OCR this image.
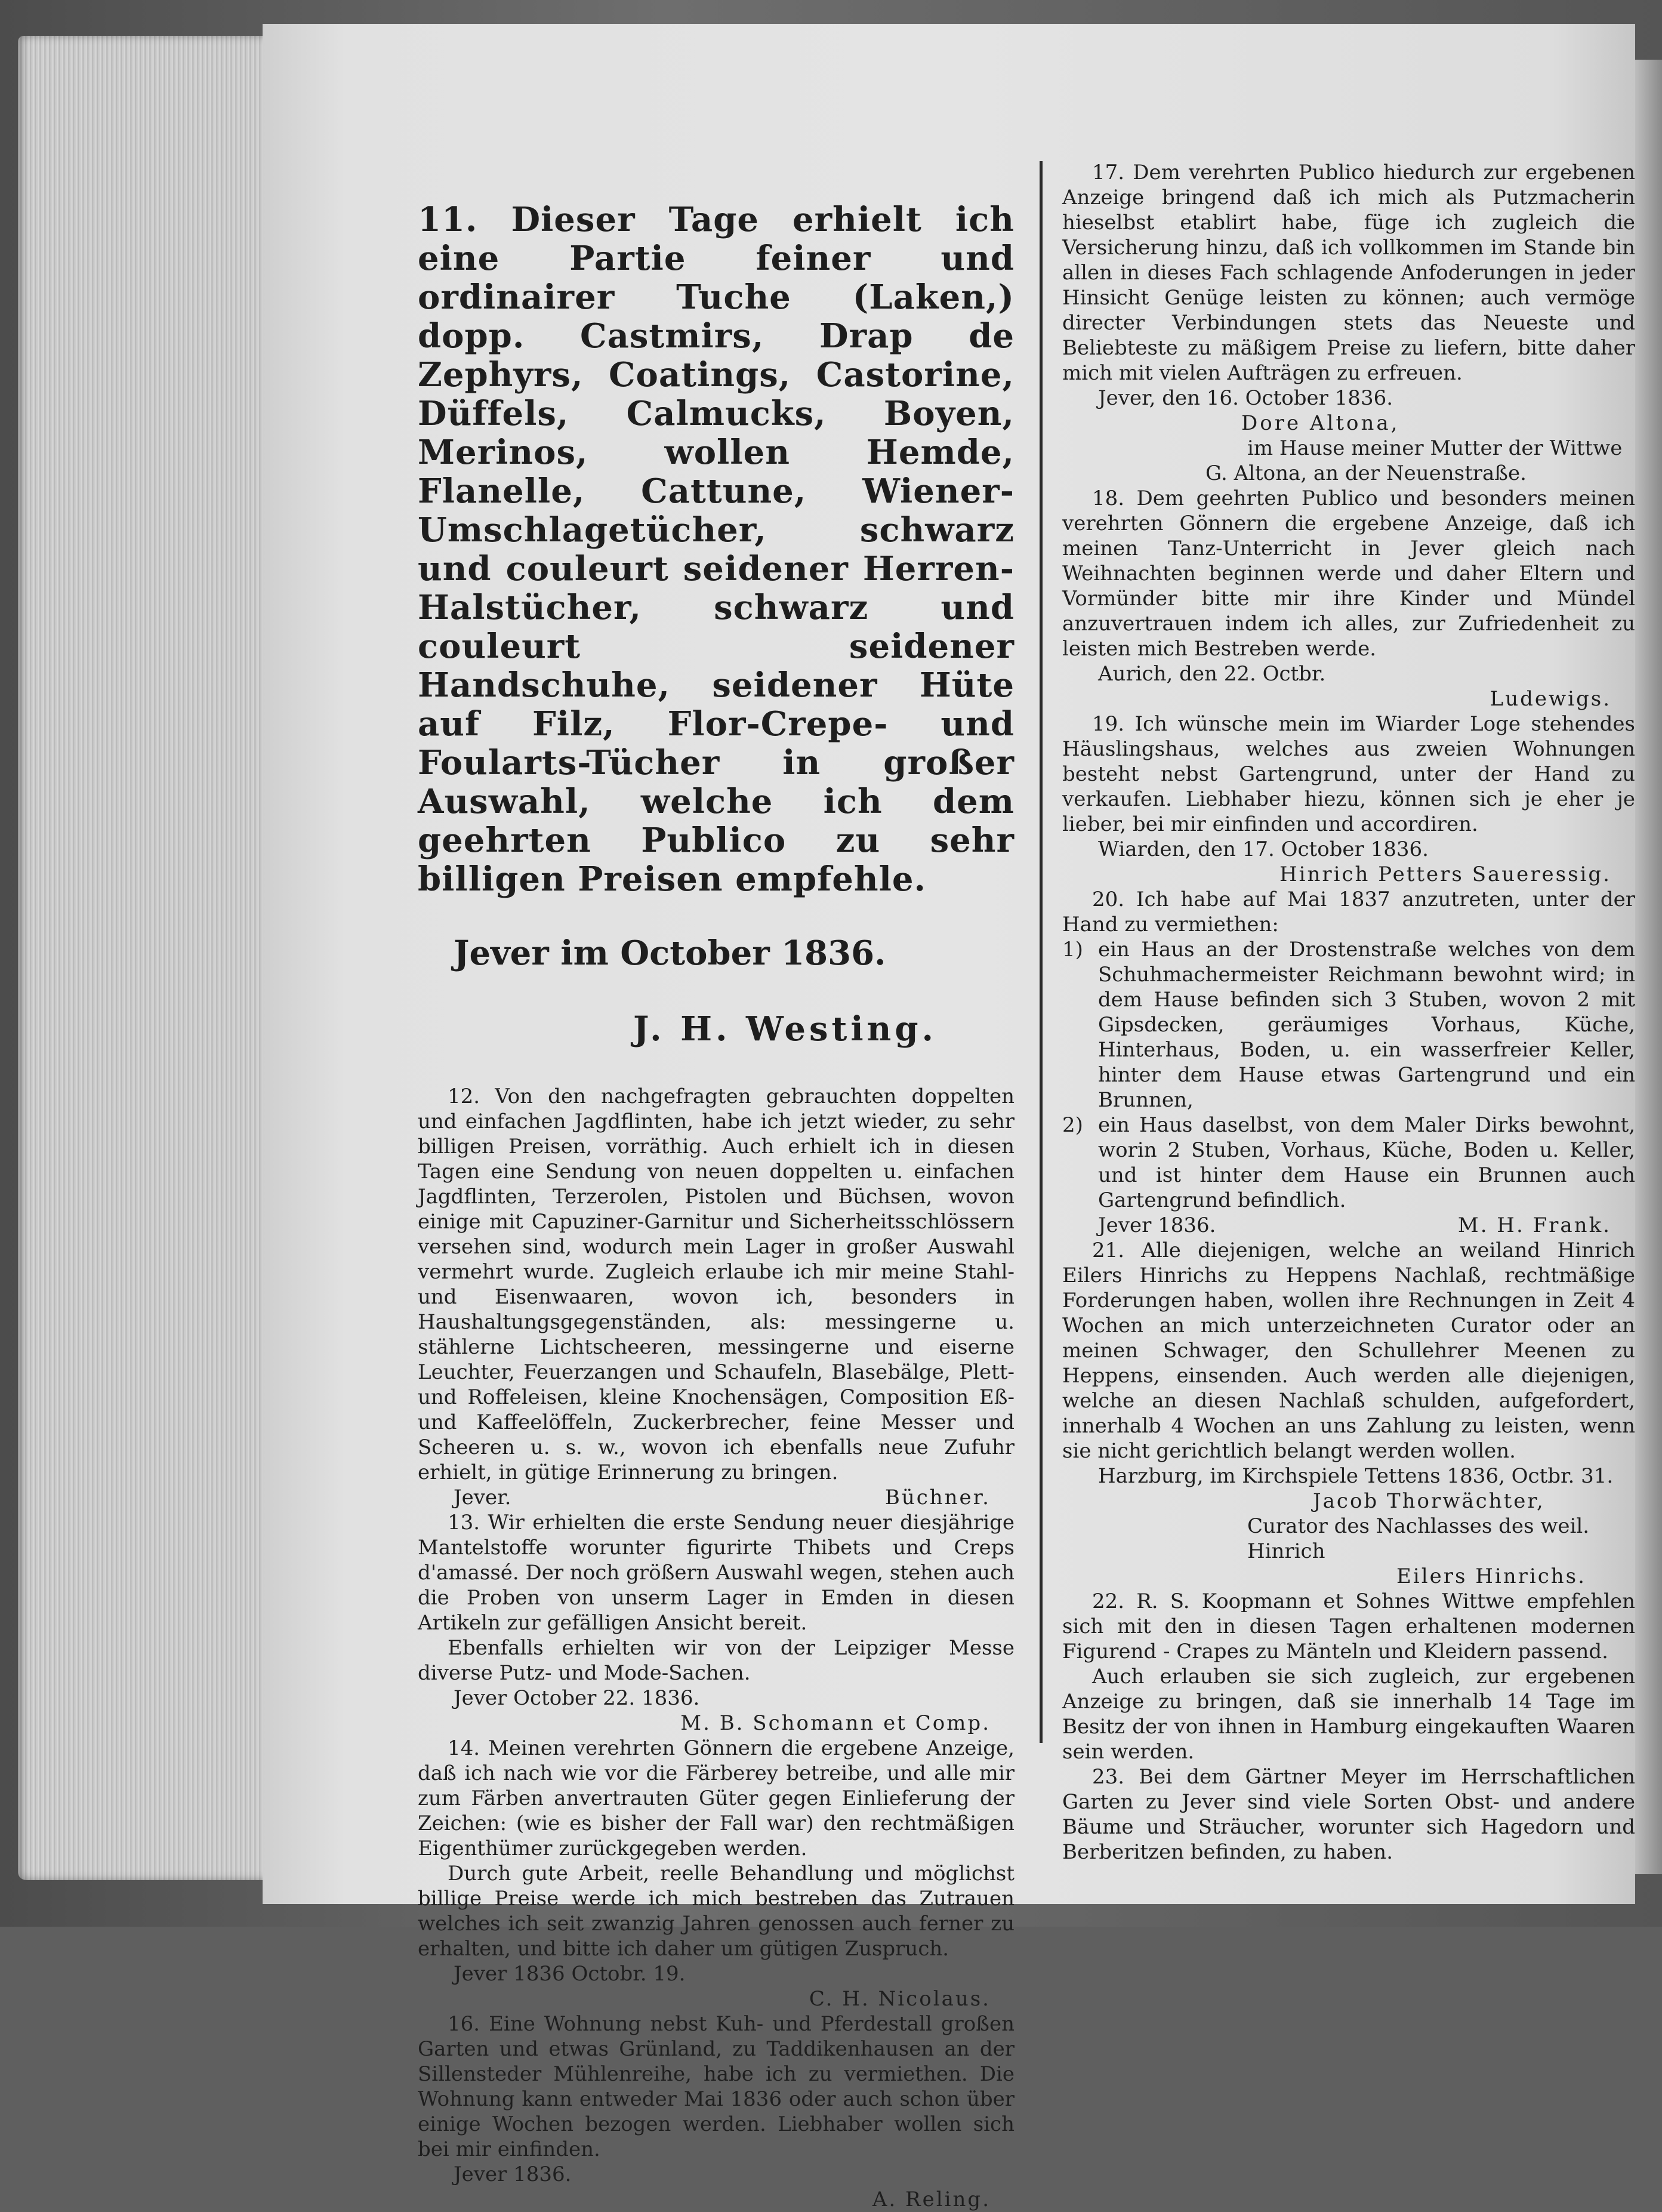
11. Dieser Tage erhielt ich eine Partie feiner und ordinairer Tuche (Laken,) dopp. Castmirs, Drap de Zephyrs, Coatings, Castorine, Düffels, Calmucks, Boyen, Merinos, wollen Hemde, Flanelle, Cattune, Wiener-Umschlagetücher, schwarz und couleurt seidener Herren-Halstücher, schwarz und couleurt seidener Handschuhe, seidener Hüte auf Filz, Flor-Crepe- und Foularts-Tücher in großer Auswahl, welche ich dem geehrten Publico zu sehr billigen Preisen empfehle.

Jever im October 1836.

J. H. Westing.

12. Von den nachgefragten gebrauchten doppelten und einfachen Jagdflinten, habe ich jetzt wieder, zu sehr billigen Preisen, vorräthig. Auch erhielt ich in diesen Tagen eine Sendung von neuen doppelten u. einfachen Jagdflinten, Terzerolen, Pistolen und Büchsen, wovon einige mit Capuziner-Garnitur und Sicherheitsschlössern versehen sind, wodurch mein Lager in großer Auswahl vermehrt wurde. Zugleich erlaube ich mir meine Stahl- und Eisenwaaren, wovon ich, besonders in Haushaltungsgegenständen, als: messingerne u. stählerne Lichtscheeren, messingerne und eiserne Leuchter, Feuerzangen und Schaufeln, Blasebälge, Plett- und Roffeleisen, kleine Knochensägen, Composition Eß- und Kaffeelöffeln, Zuckerbrecher, feine Messer und Scheeren u. s. w., wovon ich ebenfalls neue Zufuhr erhielt, in gütige Erinnerung zu bringen.

Büchner.

Jever.

13. Wir erhielten die erste Sendung neuer diesjährige Mantelstoffe worunter figurirte Thibets und Creps d'amassé. Der noch größern Auswahl wegen, stehen auch die Proben von unserm Lager in Emden in diesen Artikeln zur gefälligen Ansicht bereit.

Ebenfalls erhielten wir von der Leipziger Messe diverse Putz- und Mode-Sachen.

Jever October 22. 1836.

M. B. Schomann et Comp.

14. Meinen verehrten Gönnern die ergebene Anzeige, daß ich nach wie vor die Färberey betreibe, und alle mir zum Färben anvertrauten Güter gegen Einlieferung der Zeichen: (wie es bisher der Fall war) den rechtmäßigen Eigenthümer zurückgegeben werden.

Durch gute Arbeit, reelle Behandlung und möglichst billige Preise werde ich mich bestreben das Zutrauen welches ich seit zwanzig Jahren genossen auch ferner zu erhalten, und bitte ich daher um gütigen Zuspruch.

Jever 1836 Octobr. 19.

C. H. Nicolaus.

16. Eine Wohnung nebst Kuh- und Pferdestall großen Garten und etwas Grünland, zu Taddikenhausen an der Sillensteder Mühlenreihe, habe ich zu vermiethen. Die Wohnung kann entweder Mai 1836 oder auch schon über einige Wochen bezogen werden. Liebhaber wollen sich bei mir einfinden.

Jever 1836.

A. Reling.

17. Dem verehrten Publico hiedurch zur ergebenen Anzeige bringend daß ich mich als Putzmacherin hieselbst etablirt habe, füge ich zugleich die Versicherung hinzu, daß ich vollkommen im Stande bin allen in dieses Fach schlagende Anfoderungen in jeder Hinsicht Genüge leisten zu können; auch vermöge directer Verbindungen stets das Neueste und Beliebteste zu mäßigem Preise zu liefern, bitte daher mich mit vielen Aufträgen zu erfreuen.

Jever, den 16. October 1836.

Dore Altona,

im Hause meiner Mutter der Wittwe

G. Altona, an der Neuenstraße.

18. Dem geehrten Publico und besonders meinen verehrten Gönnern die ergebene Anzeige, daß ich meinen Tanz-Unterricht in Jever gleich nach Weihnachten beginnen werde und daher Eltern und Vormünder bitte mir ihre Kinder und Mündel anzuvertrauen indem ich alles, zur Zufriedenheit zu leisten mich Bestreben werde.

Aurich, den 22. Octbr.

Ludewigs.

19. Ich wünsche mein im Wiarder Loge stehendes Häuslingshaus, welches aus zweien Wohnungen besteht nebst Gartengrund, unter der Hand zu verkaufen. Liebhaber hiezu, können sich je eher je lieber, bei mir einfinden und accordiren.

Wiarden, den 17. October 1836.

Hinrich Petters Saueressig.

20. Ich habe auf Mai 1837 anzutreten, unter der Hand zu vermiethen:

1) ein Haus an der Drostenstraße welches von dem Schuhmachermeister Reichmann bewohnt wird; in dem Hause befinden sich 3 Stuben, wovon 2 mit Gipsdecken, geräumiges Vorhaus, Küche, Hinterhaus, Boden, u. ein wasserfreier Keller, hinter dem Hause etwas Gartengrund und ein Brunnen,
2) ein Haus daselbst, von dem Maler Dirks bewohnt, worin 2 Stuben, Vorhaus, Küche, Boden u. Keller, und ist hinter dem Hause ein Brunnen auch Gartengrund befindlich.

M. H. Frank.

Jever 1836.

21. Alle diejenigen, welche an weiland Hinrich Eilers Hinrichs zu Heppens Nachlaß, rechtmäßige Forderungen haben, wollen ihre Rechnungen in Zeit 4 Wochen an mich unterzeichneten Curator oder an meinen Schwager, den Schullehrer Meenen zu Heppens, einsenden. Auch werden alle diejenigen, welche an diesen Nachlaß schulden, aufgefordert, innerhalb 4 Wochen an uns Zahlung zu leisten, wenn sie nicht gerichtlich belangt werden wollen.

Harzburg, im Kirchspiele Tettens 1836, Octbr. 31.

Jacob Thorwächter,

Curator des Nachlasses des weil. Hinrich

Eilers Hinrichs.

22. R. S. Koopmann et Sohnes Wittwe empfehlen sich mit den in diesen Tagen erhaltenen modernen Figurend - Crapes zu Mänteln und Kleidern passend.

Auch erlauben sie sich zugleich, zur ergebenen Anzeige zu bringen, daß sie innerhalb 14 Tage im Besitz der von ihnen in Hamburg eingekauften Waaren sein werden.

23. Bei dem Gärtner Meyer im Herrschaftlichen Garten zu Jever sind viele Sorten Obst- und andere Bäume und Sträucher, worunter sich Hagedorn und Berberitzen befinden, zu haben.
